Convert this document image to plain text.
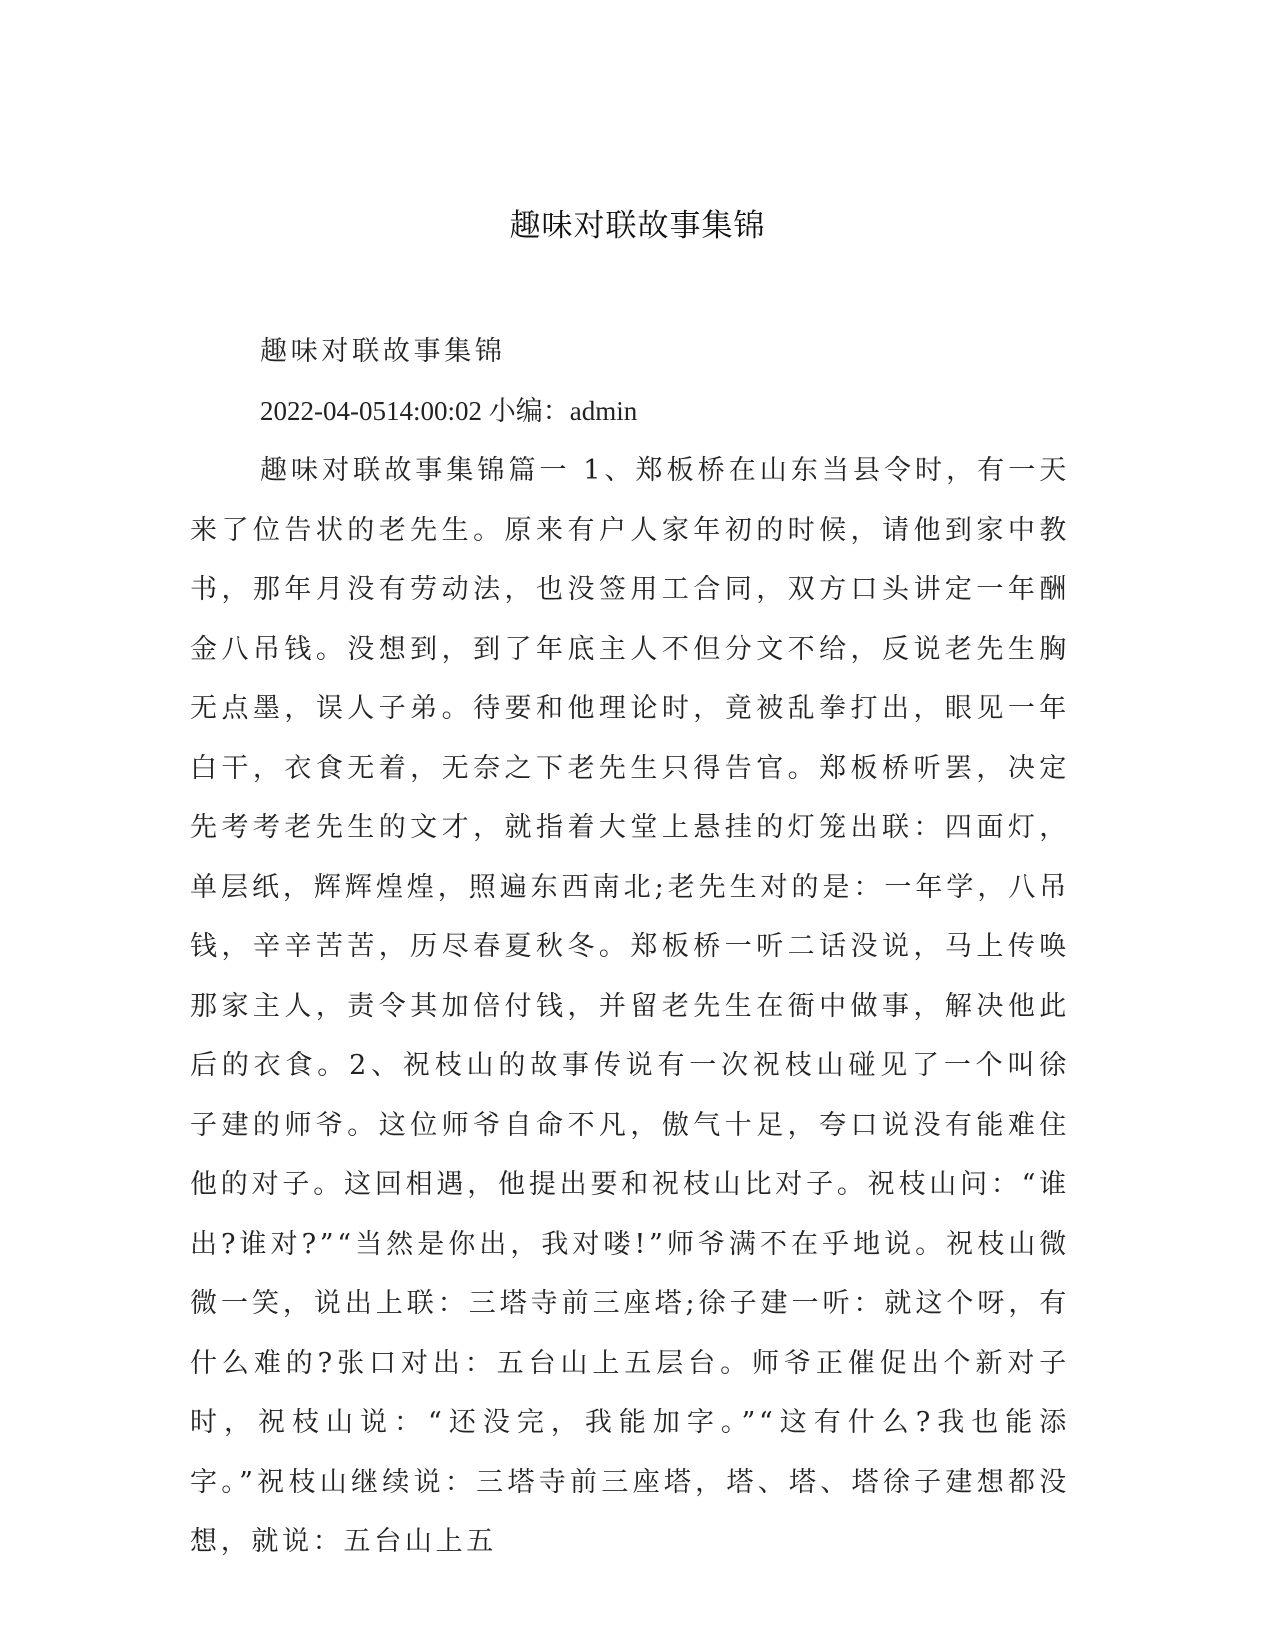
趣味对联故事集锦

趣味对联故事集锦

2022-04-0514:00:02 小编：admin

趣味对联故事集锦篇一 1、郑板桥在山东当县令时，有一天来了位告状的老先生。原来有户人家年初的时候，请他到家中教书，那年月没有劳动法，也没签用工合同，双方口头讲定一年酬金八吊钱。没想到，到了年底主人不但分文不给，反说老先生胸无点墨，误人子弟。待要和他理论时，竟被乱拳打出，眼见一年白干，衣食无着，无奈之下老先生只得告官。郑板桥听罢，决定先考考老先生的文才，就指着大堂上悬挂的灯笼出联：四面灯，单层纸，辉辉煌煌，照遍东西南北;老先生对的是：一年学，八吊钱，辛辛苦苦，历尽春夏秋冬。郑板桥一听二话没说，马上传唤那家主人，责令其加倍付钱，并留老先生在衙中做事，解决他此后的衣食。2、祝枝山的故事传说有一次祝枝山碰见了一个叫徐子建的师爷。这位师爷自命不凡，傲气十足，夸口说没有能难住他的对子。这回相遇，他提出要和祝枝山比对子。祝枝山问：“谁出?谁对?”“当然是你出，我对喽!”师爷满不在乎地说。祝枝山微微一笑，说出上联：三塔寺前三座塔;徐子建一听：就这个呀，有什么难的?张口对出：五台山上五层台。师爷正催促出个新对子时，祝枝山说：“还没完，我能加字。”“这有什么?我也能添字。”祝枝山继续说：三塔寺前三座塔，塔、塔、塔徐子建想都没想，就说：五台山上五
